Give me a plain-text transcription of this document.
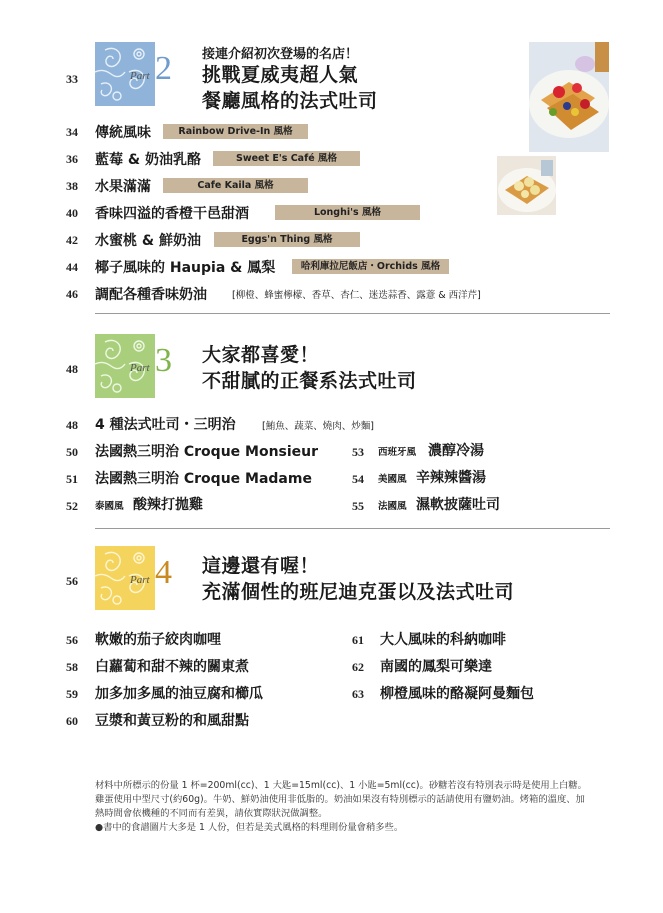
33	Part 2 接連介紹初次登場的名店！
挑戰夏威夷超人氣
餐廳風格的法式吐司
34 傳統風味	Rainbow Drive-In 風格
36 藍莓 & 奶油乳酪	Sweet E's Café 風格
38 水果滿滿	Cafe Kaila 風格
40 香味四溢的香橙干邑甜酒	Longhi's 風格
42 水蜜桃 & 鮮奶油	Eggs'n Thing 風格
44 椰子風味的 Haupia & 鳳梨	哈利庫拉尼飯店・Orchids 風格
46 調配各種香味奶油	[柳橙、蜂蜜檸檬、香草、杏仁、迷迭蒜香、露薏 & 西洋芹]
48	Part 3 大家都喜愛！
不甜膩的正餐系法式吐司
48 4 種法式吐司・三明治	[鮪魚、蔬菜、燒肉、炒麵]
50 法國熱三明治 Croque Monsieur
51 法國熱三明治 Croque Madame
52 泰國風 酸辣打拋雞
53 西班牙風 濃醇冷湯
54 美國風 辛辣辣醬湯
55 法國風 濕軟披薩吐司
56	Part 4 這邊還有喔！
充滿個性的班尼迪克蛋以及法式吐司
56 軟嫩的茄子絞肉咖哩
58 白蘿蔔和甜不辣的關東煮
59 加多加多風的油豆腐和櫛瓜
60 豆漿和黃豆粉的和風甜點
61 大人風味的科納咖啡
62 南國的鳳梨可樂達
63 柳橙風味的酪凝阿曼麵包
材料中所標示的份量 1 杯=200ml(cc)、1 大匙=15ml(cc)、1 小匙=5ml(cc)。砂糖若沒有特別表示時是使用上白糖。
雞蛋使用中型尺寸(約60g)。牛奶、鮮奶油使用非低脂的。奶油如果沒有特別標示的話請使用有鹽奶油。烤箱的溫度、加
熱時間會依機種的不同而有差異，請依實際狀況做調整。
●書中的食譜圖片大多是 1 人份，但若是美式風格的料理則份量會稍多些。
